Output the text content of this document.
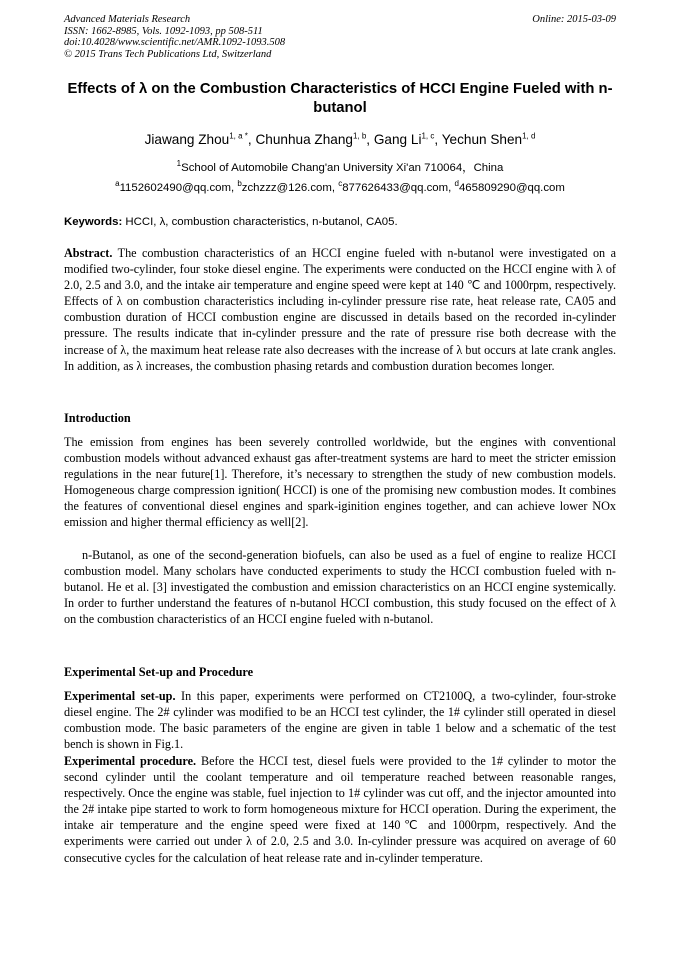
Advanced Materials Research
ISSN: 1662-8985, Vols. 1092-1093, pp 508-511
doi:10.4028/www.scientific.net/AMR.1092-1093.508
© 2015 Trans Tech Publications Ltd, Switzerland
Online: 2015-03-09
Effects of λ on the Combustion Characteristics of HCCI Engine Fueled with n-butanol
Jiawang Zhou$^{1, a *}$, Chunhua Zhang$^{1, b}$, Gang Li$^{1, c}$, Yechun Shen$^{1, d}$
$^1$School of Automobile Chang'an University Xi'an 710064，China
$^a$1152602490@qq.com, $^b$zchzzz@126.com, $^c$877626433@qq.com, $^d$465809290@qq.com
Keywords: HCCI, λ, combustion characteristics, n-butanol, CA05.
Abstract. The combustion characteristics of an HCCI engine fueled with n-butanol were investigated on a modified two-cylinder, four stoke diesel engine. The experiments were conducted on the HCCI engine with λ of 2.0, 2.5 and 3.0, and the intake air temperature and engine speed were kept at 140 ℃ and 1000rpm, respectively. Effects of λ on combustion characteristics including in-cylinder pressure rise rate, heat release rate, CA05 and combustion duration of HCCI combustion engine are discussed in details based on the recorded in-cylinder pressure. The results indicate that in-cylinder pressure and the rate of pressure rise both decrease with the increase of λ, the maximum heat release rate also decreases with the increase of λ but occurs at late crank angles. In addition, as λ increases, the combustion phasing retards and combustion duration becomes longer.
Introduction
The emission from engines has been severely controlled worldwide, but the engines with conventional combustion models without advanced exhaust gas after-treatment systems are hard to meet the stricter emission regulations in the near future[1]. Therefore, it’s necessary to strengthen the study of new combustion models. Homogeneous charge compression ignition( HCCI) is one of the promising new combustion modes. It combines the features of conventional diesel engines and spark-iginition engines together, and can achieve lower NOx emission and higher thermal efficiency as well[2].
n-Butanol, as one of the second-generation biofuels, can also be used as a fuel of engine to realize HCCI combustion model. Many scholars have conducted experiments to study the HCCI combustion fueled with n-butanol. He et al. [3] investigated the combustion and emission characteristics on an HCCI engine systemically. In order to further understand the features of n-butanol HCCI combustion, this study focused on the effect of λ on the combustion characteristics of an HCCI engine fueled with n-butanol.
Experimental Set-up and Procedure
Experimental set-up. In this paper, experiments were performed on CT2100Q, a two-cylinder, four-stroke diesel engine. The 2# cylinder was modified to be an HCCI test cylinder, the 1# cylinder still operated in diesel combustion mode. The basic parameters of the engine are given in table 1 below and a schematic of the test bench is shown in Fig.1.
Experimental procedure. Before the HCCI test, diesel fuels were provided to the 1# cylinder to motor the second cylinder until the coolant temperature and oil temperature reached between reasonable ranges, respectively. Once the engine was stable, fuel injection to 1# cylinder was cut off, and the injector amounted into the 2# intake pipe started to work to form homogeneous mixture for HCCI operation. During the experiment, the intake air temperature and the engine speed were fixed at 140℃ and 1000rpm, respectively. And the experiments were carried out under λ of 2.0, 2.5 and 3.0. In-cylinder pressure was acquired on average of 60 consecutive cycles for the calculation of heat release rate and in-cylinder temperature.
